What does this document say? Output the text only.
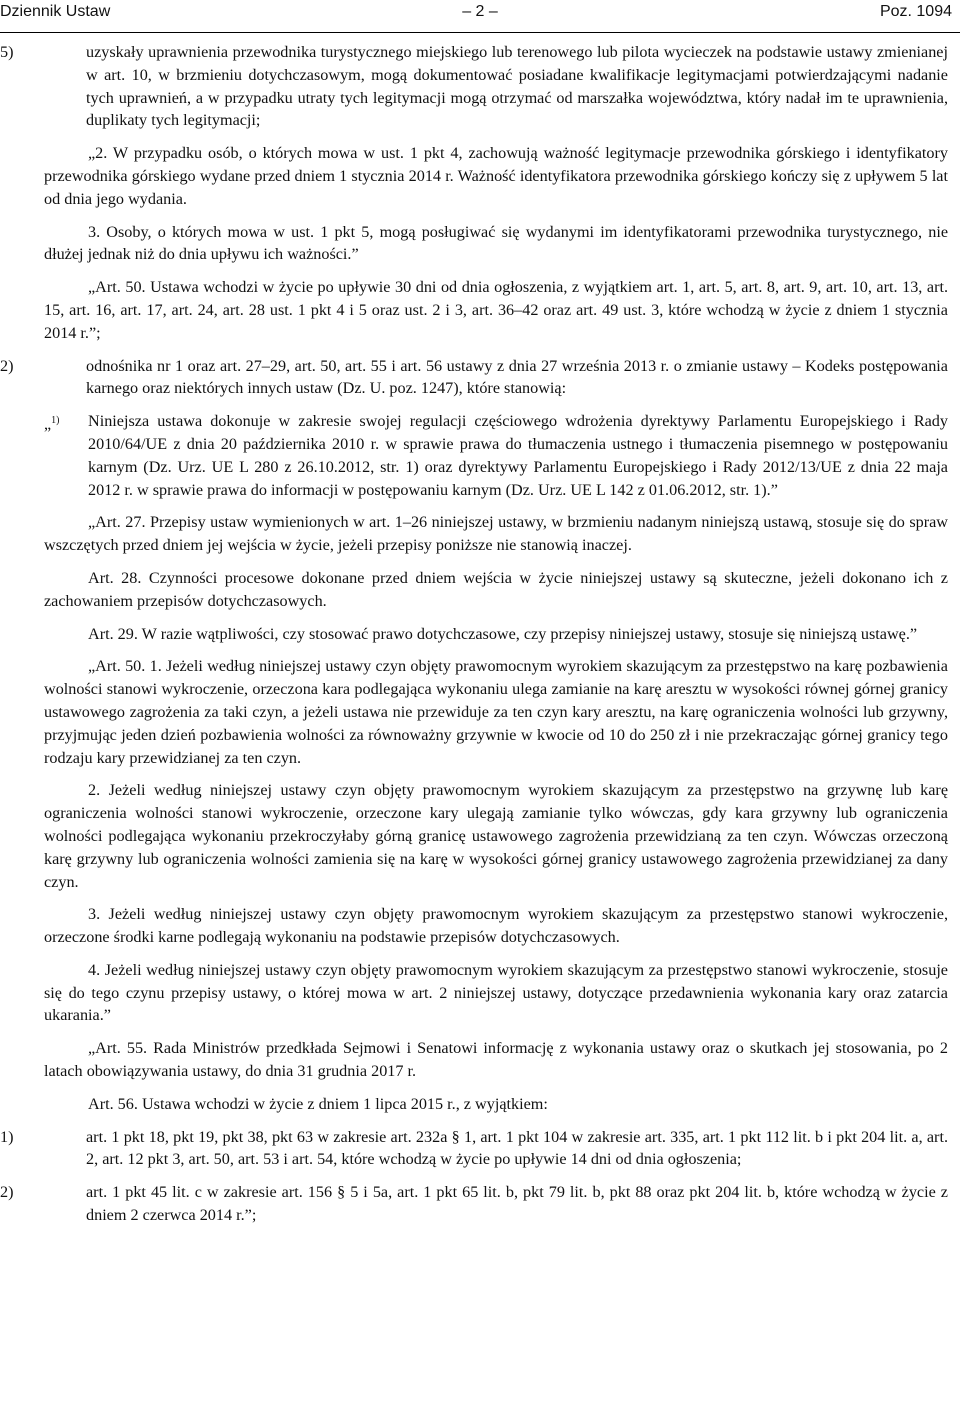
Dziennik Ustaw	– 2 –	Poz. 1094
5)	uzyskały uprawnienia przewodnika turystycznego miejskiego lub terenowego lub pilota wycieczek na podstawie ustawy zmienianej w art. 10, w brzmieniu dotychczasowym, mogą dokumentować posiadane kwalifikacje legitymacjami potwierdzającymi nadanie tych uprawnień, a w przypadku utraty tych legitymacji mogą otrzymać od marszałka województwa, który nadał im te uprawnienia, duplikaty tych legitymacji;

„2. W przypadku osób, o których mowa w ust. 1 pkt 4, zachowują ważność legitymacje przewodnika górskiego i identyfikatory przewodnika górskiego wydane przed dniem 1 stycznia 2014 r. Ważność identyfikatora przewodnika górskiego kończy się z upływem 5 lat od dnia jego wydania.

3. Osoby, o których mowa w ust. 1 pkt 5, mogą posługiwać się wydanymi im identyfikatorami przewodnika turystycznego, nie dłużej jednak niż do dnia upływu ich ważności.”

„Art. 50. Ustawa wchodzi w życie po upływie 30 dni od dnia ogłoszenia, z wyjątkiem art. 1, art. 5, art. 8, art. 9, art. 10, art. 13, art. 15, art. 16, art. 17, art. 24, art. 28 ust. 1 pkt 4 i 5 oraz ust. 2 i 3, art. 36–42 oraz art. 49 ust. 3, które wchodzą w życie z dniem 1 stycznia 2014 r.”;

2)	odnośnika nr 1 oraz art. 27–29, art. 50, art. 55 i art. 56 ustawy z dnia 27 września 2013 r. o zmianie ustawy – Kodeks postępowania karnego oraz niektórych innych ustaw (Dz. U. poz. 1247), które stanowią:

„$^{1)}$ Niniejsza ustawa dokonuje w zakresie swojej regulacji częściowego wdrożenia dyrektywy Parlamentu Europejskiego i Rady 2010/64/UE z dnia 20 października 2010 r. w sprawie prawa do tłumaczenia ustnego i tłumaczenia pisemnego w postępowaniu karnym (Dz. Urz. UE L 280 z 26.10.2012, str. 1) oraz dyrektywy Parlamentu Europejskiego i Rady 2012/13/UE z dnia 22 maja 2012 r. w sprawie prawa do informacji w postępowaniu karnym (Dz. Urz. UE L 142 z 01.06.2012, str. 1).”

„Art. 27. Przepisy ustaw wymienionych w art. 1–26 niniejszej ustawy, w brzmieniu nadanym niniejszą ustawą, stosuje się do spraw wszczętych przed dniem jej wejścia w życie, jeżeli przepisy poniższe nie stanowią inaczej.

Art. 28. Czynności procesowe dokonane przed dniem wejścia w życie niniejszej ustawy są skuteczne, jeżeli dokonano ich z zachowaniem przepisów dotychczasowych.

Art. 29. W razie wątpliwości, czy stosować prawo dotychczasowe, czy przepisy niniejszej ustawy, stosuje się niniejszą ustawę.”

„Art. 50. 1. Jeżeli według niniejszej ustawy czyn objęty prawomocnym wyrokiem skazującym za przestępstwo na karę pozbawienia wolności stanowi wykroczenie, orzeczona kara podlegająca wykonaniu ulega zamianie na karę aresztu w wysokości równej górnej granicy ustawowego zagrożenia za taki czyn, a jeżeli ustawa nie przewiduje za ten czyn kary aresztu, na karę ograniczenia wolności lub grzywny, przyjmując jeden dzień pozbawienia wolności za równoważny grzywnie w kwocie od 10 do 250 zł i nie przekraczając górnej granicy tego rodzaju kary przewidzianej za ten czyn.

2. Jeżeli według niniejszej ustawy czyn objęty prawomocnym wyrokiem skazującym za przestępstwo na grzywnę lub karę ograniczenia wolności stanowi wykroczenie, orzeczone kary ulegają zamianie tylko wówczas, gdy kara grzywny lub ograniczenia wolności podlegająca wykonaniu przekroczyłaby górną granicę ustawowego zagrożenia przewidzianą za ten czyn. Wówczas orzeczoną karę grzywny lub ograniczenia wolności zamienia się na karę w wysokości górnej granicy ustawowego zagrożenia przewidzianej za dany czyn.

3. Jeżeli według niniejszej ustawy czyn objęty prawomocnym wyrokiem skazującym za przestępstwo stanowi wykroczenie, orzeczone środki karne podlegają wykonaniu na podstawie przepisów dotychczasowych.

4. Jeżeli według niniejszej ustawy czyn objęty prawomocnym wyrokiem skazującym za przestępstwo stanowi wykroczenie, stosuje się do tego czynu przepisy ustawy, o której mowa w art. 2 niniejszej ustawy, dotyczące przedawnienia wykonania kary oraz zatarcia ukarania.”

„Art. 55. Rada Ministrów przedkłada Sejmowi i Senatowi informację z wykonania ustawy oraz o skutkach jej stosowania, po 2 latach obowiązywania ustawy, do dnia 31 grudnia 2017 r.

Art. 56. Ustawa wchodzi w życie z dniem 1 lipca 2015 r., z wyjątkiem:

1)	art. 1 pkt 18, pkt 19, pkt 38, pkt 63 w zakresie art. 232a § 1, art. 1 pkt 104 w zakresie art. 335, art. 1 pkt 112 lit. b i pkt 204 lit. a, art. 2, art. 12 pkt 3, art. 50, art. 53 i art. 54, które wchodzą w życie po upływie 14 dni od dnia ogłoszenia;

2)	art. 1 pkt 45 lit. c w zakresie art. 156 § 5 i 5a, art. 1 pkt 65 lit. b, pkt 79 lit. b, pkt 88 oraz pkt 204 lit. b, które wchodzą w życie z dniem 2 czerwca 2014 r.”;
